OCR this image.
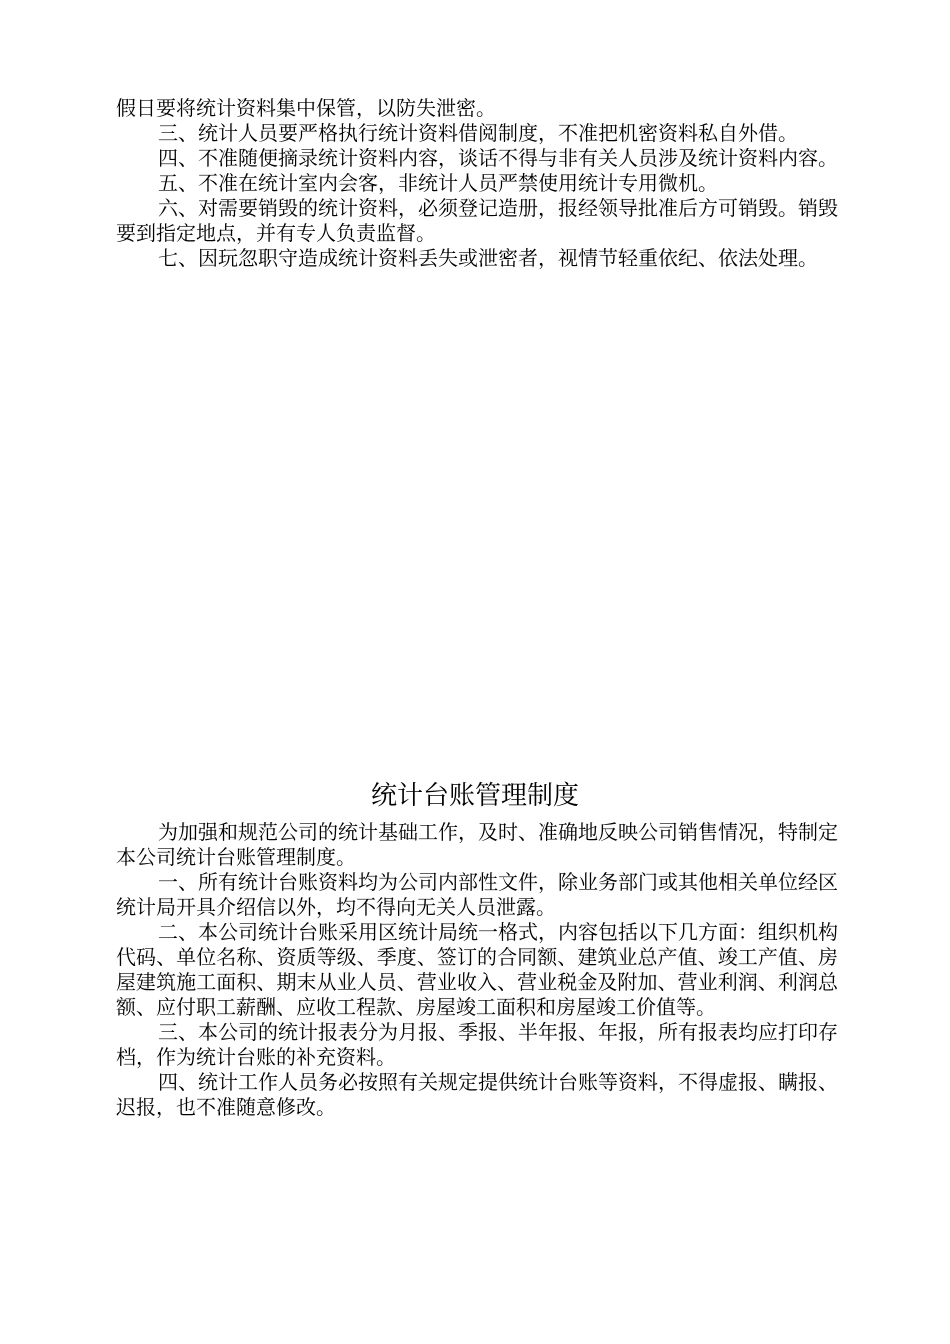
假日要将统计资料集中保管，以防失泄密。

三、统计人员要严格执行统计资料借阅制度，不准把机密资料私自外借。

四、不准随便摘录统计资料内容，谈话不得与非有关人员涉及统计资料内容。

五、不准在统计室内会客，非统计人员严禁使用统计专用微机。

六、对需要销毁的统计资料，必须登记造册，报经领导批准后方可销毁。销毁要到指定地点，并有专人负责监督。

七、因玩忽职守造成统计资料丢失或泄密者，视情节轻重依纪、依法处理。

统计台账管理制度

为加强和规范公司的统计基础工作，及时、准确地反映公司销售情况，特制定本公司统计台账管理制度。

一、所有统计台账资料均为公司内部性文件，除业务部门或其他相关单位经区统计局开具介绍信以外，均不得向无关人员泄露。

二、本公司统计台账采用区统计局统一格式，内容包括以下几方面：组织机构代码、单位名称、资质等级、季度、签订的合同额、建筑业总产值、竣工产值、房屋建筑施工面积、期末从业人员、营业收入、营业税金及附加、营业利润、利润总额、应付职工薪酬、应收工程款、房屋竣工面积和房屋竣工价值等。

三、本公司的统计报表分为月报、季报、半年报、年报，所有报表均应打印存档，作为统计台账的补充资料。

四、统计工作人员务必按照有关规定提供统计台账等资料，不得虚报、瞒报、迟报，也不准随意修改。
